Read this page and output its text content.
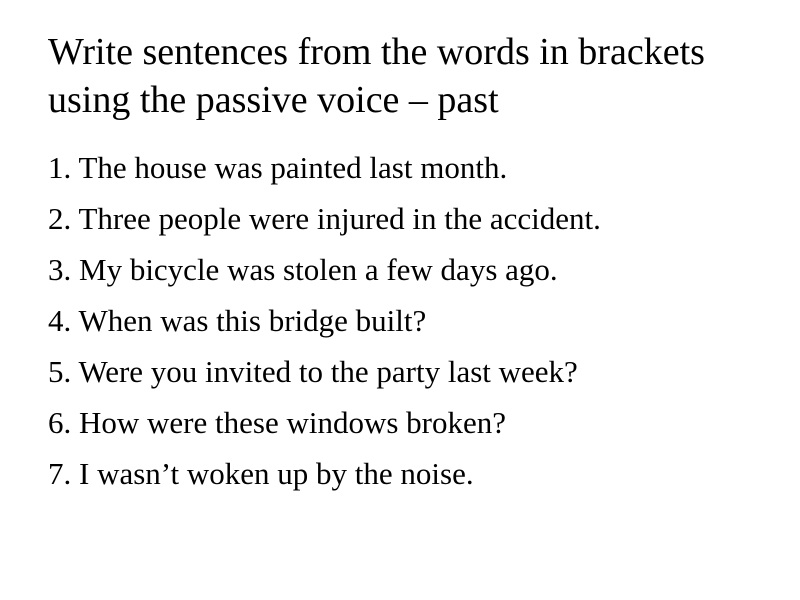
Write sentences from the words in brackets using the passive voice – past
1. The house was painted last month.
2. Three people were injured in the accident.
3. My bicycle was stolen a few days ago.
4. When was this bridge built?
5. Were you invited to the party last week?
6. How were these windows broken?
7. I wasn’t woken up by the noise.
